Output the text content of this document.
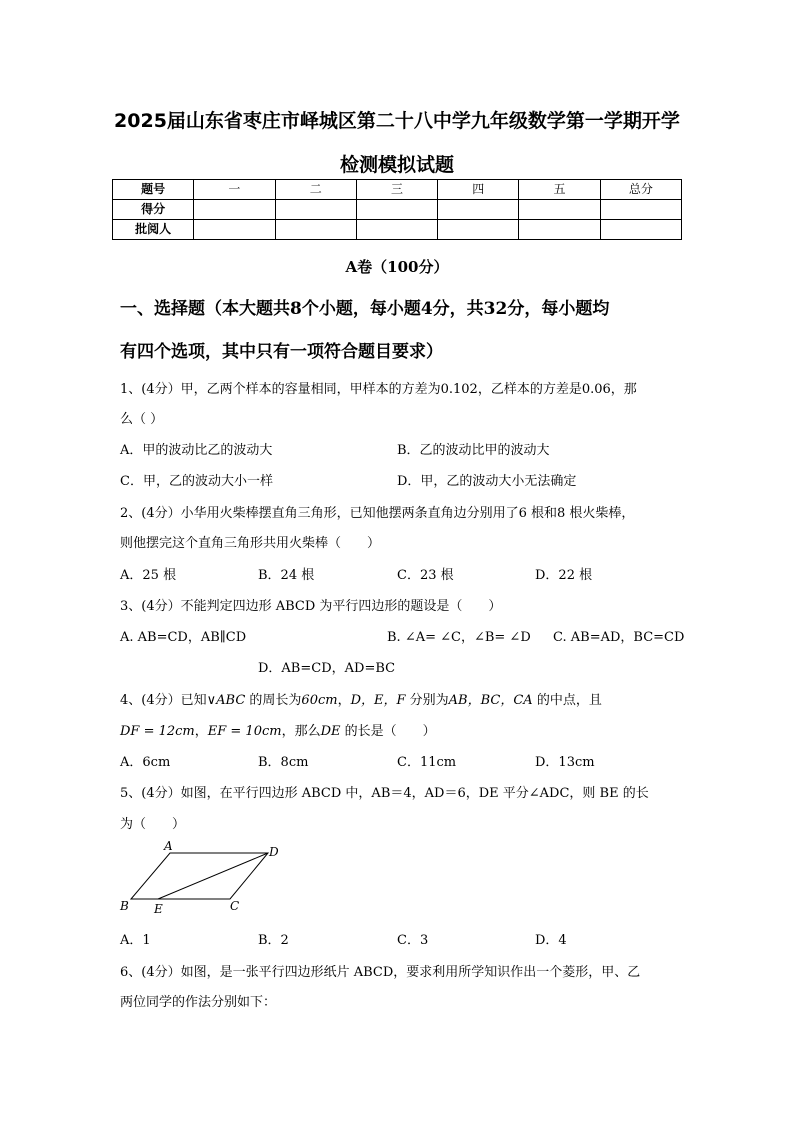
2025届山东省枣庄市峄城区第二十八中学九年级数学第一学期开学
检测模拟试题
题号	一	二	三	四	五	总分
得分						
批阅人						
A卷（100分）
一、选择题（本大题共8个小题，每小题4分，共32分，每小题均
有四个选项，其中只有一项符合题目要求）
1、(4分）甲，乙两个样本的容量相同，甲样本的方差为0.102，乙样本的方差是0.06，那
么（ ）
A．甲的波动比乙的波动大	B．乙的波动比甲的波动大
C．甲，乙的波动大小一样	D．甲，乙的波动大小无法确定
2、(4分）小华用火柴棒摆直角三角形，已知他摆两条直角边分别用了6 根和8 根火柴棒，
则他摆完这个直角三角形共用火柴棒（　　）
A．25 根	B．24 根	C．23 根	D．22 根
3、(4分）不能判定四边形 ABCD 为平行四边形的题设是（　　）
A. AB=CD，AB∥CD	B. ∠A= ∠C，∠B= ∠D C. AB=AD，BC=CD
D．AB=CD，AD=BC
4、(4分）已知∨ABC 的周长为60cm，D，E，F 分别为AB，BC，CA 的中点，且
DF = 12cm，EF = 10cm，那么DE 的长是（　　）
A．6cm	B．8cm	C．11cm	D．13cm
5、(4分）如图，在平行四边形 ABCD 中，AB＝4，AD＝6，DE 平分∠ADC，则 BE 的长
为（　　）
A	D
B E	C
A．1	B．2	C．3	D．4
6、(4分）如图，是一张平行四边形纸片 ABCD，要求利用所学知识作出一个菱形，甲、乙
两位同学的作法分别如下：
